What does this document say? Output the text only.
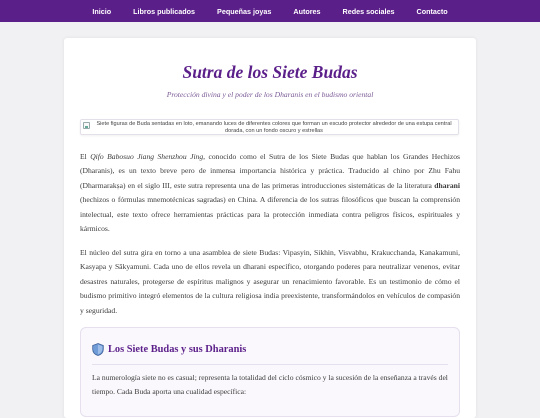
Inicio	Libros publicados	Pequeñas joyas	Autores	Redes sociales	Contacto
Sutra de los Siete Budas

Protección divina y el poder de los Dharanis en el budismo oriental

Siete figuras de Buda sentadas en loto, emanando luces de diferentes colores que forman un escudo protector alrededor de una estupa central dorada, con un fondo oscuro y estrellas

El Qifo Babosuo Jiang Shenzhou Jing, conocido como el Sutra de los Siete Budas que hablan los Grandes Hechizos (Dharanis), es un texto breve pero de inmensa importancia histórica y práctica. Traducido al chino por Zhu Fahu (Dharmarakṣa) en el siglo III, este sutra representa una de las primeras introducciones sistemáticas de la literatura dharani (hechizos o fórmulas mnemotécnicas sagradas) en China. A diferencia de los sutras filosóficos que buscan la comprensión intelectual, este texto ofrece herramientas prácticas para la protección inmediata contra peligros físicos, espirituales y kármicos.

El núcleo del sutra gira en torno a una asamblea de siete Budas: Vipasyin, Sikhin, Visvabhu, Krakucchanda, Kanakamuni, Kasyapa y Sākyamuni. Cada uno de ellos revela un dharani específico, otorgando poderes para neutralizar venenos, evitar desastres naturales, protegerse de espíritus malignos y asegurar un renacimiento favorable. Es un testimonio de cómo el budismo primitivo integró elementos de la cultura religiosa india preexistente, transformándolos en vehículos de compasión y seguridad.

Los Siete Budas y sus Dharanis

La numerología siete no es casual; representa la totalidad del ciclo cósmico y la sucesión de la enseñanza a través del tiempo. Cada Buda aporta una cualidad específica:
